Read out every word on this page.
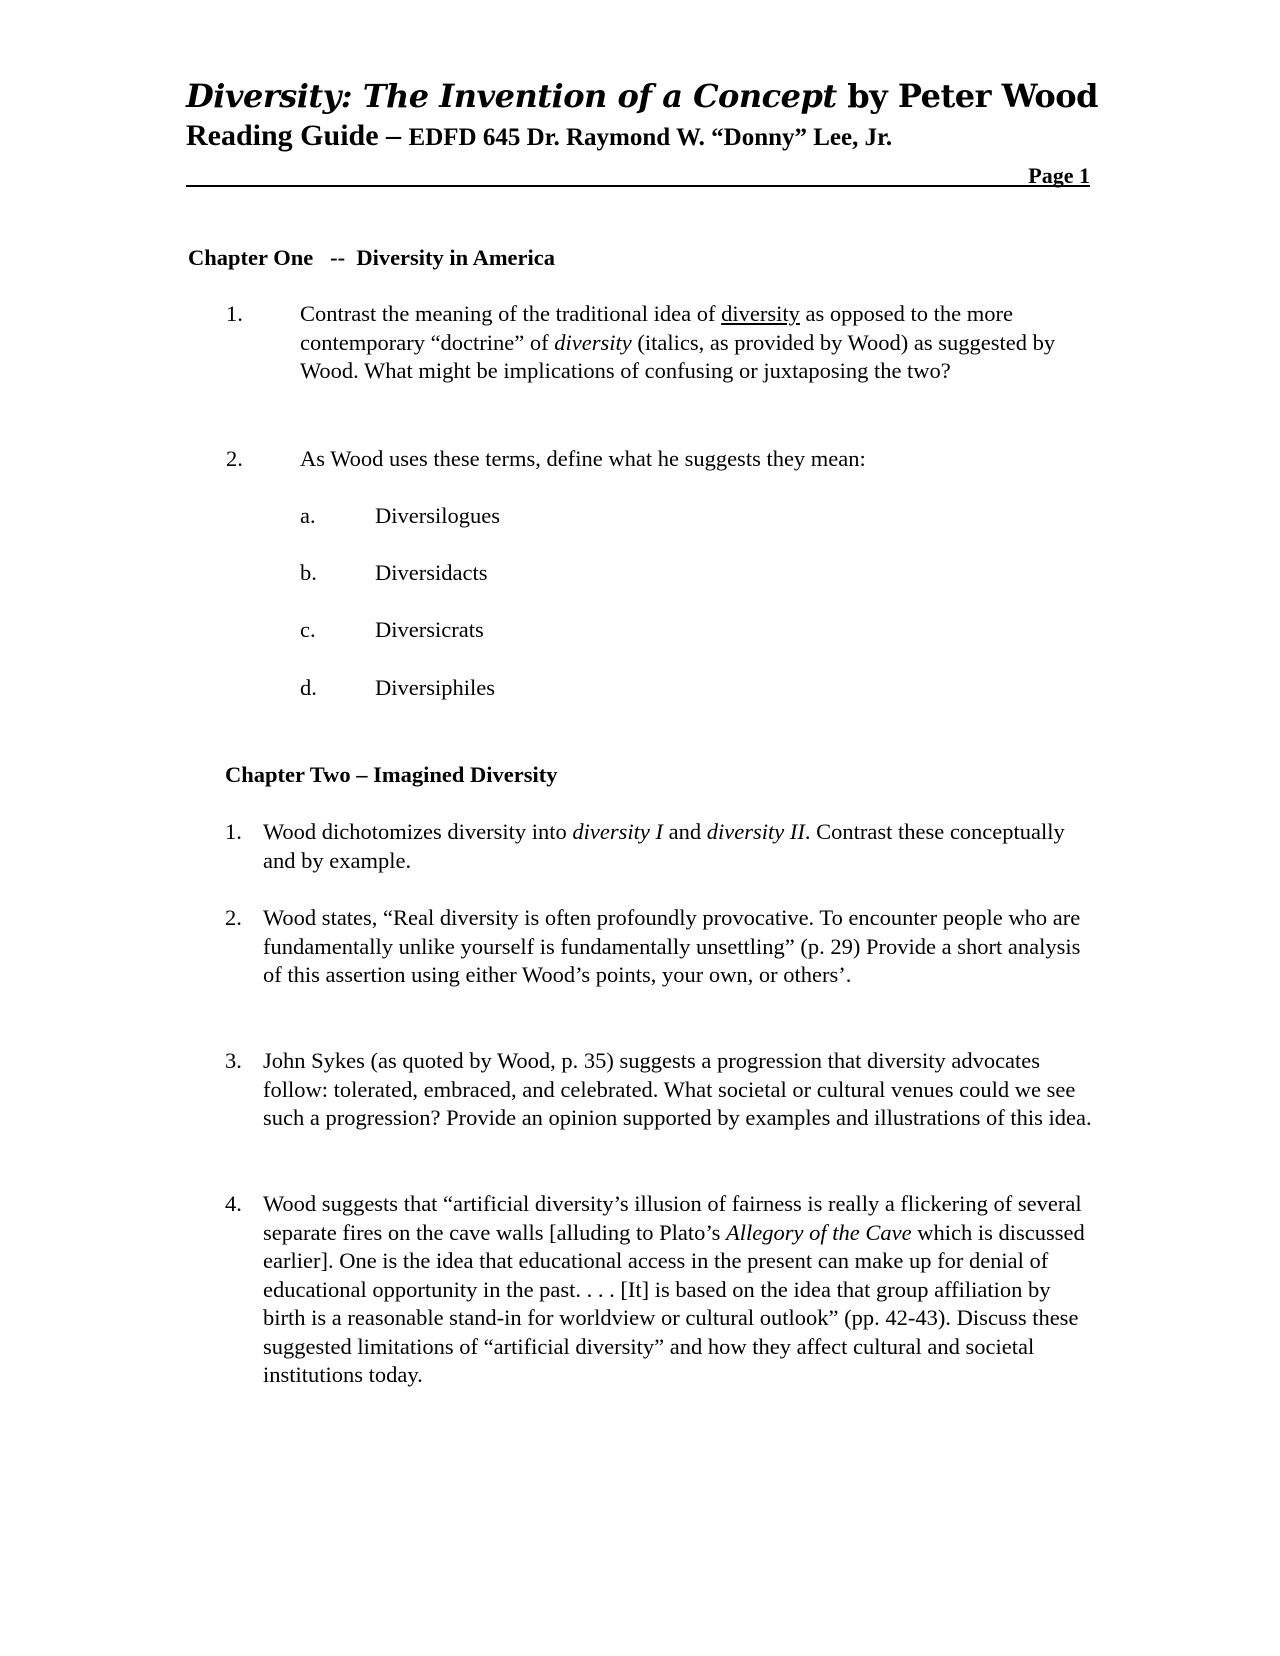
Diversity: The Invention of a Concept by Peter Wood
Reading Guide – EDFD 645 Dr. Raymond W. “Donny” Lee, Jr.
Page 1
Chapter One   --  Diversity in America
1.	Contrast the meaning of the traditional idea of diversity as opposed to the more contemporary “doctrine” of diversity (italics, as provided by Wood) as suggested by Wood. What might be implications of confusing or juxtaposing the two?
2.	As Wood uses these terms, define what he suggests they mean:
a.	Diversilogues
b.	Diversidacts
c.	Diversicrats
d.	Diversiphiles
Chapter Two – Imagined Diversity
1. Wood dichotomizes diversity into diversity I and diversity II. Contrast these conceptually and by example.
2. Wood states, “Real diversity is often profoundly provocative. To encounter people who are fundamentally unlike yourself is fundamentally unsettling” (p. 29) Provide a short analysis of this assertion using either Wood’s points, your own, or others’.
3. John Sykes (as quoted by Wood, p. 35) suggests a progression that diversity advocates follow: tolerated, embraced, and celebrated. What societal or cultural venues could we see such a progression? Provide an opinion supported by examples and illustrations of this idea.
4. Wood suggests that “artificial diversity’s illusion of fairness is really a flickering of several separate fires on the cave walls [alluding to Plato’s Allegory of the Cave which is discussed earlier]. One is the idea that educational access in the present can make up for denial of educational opportunity in the past. . . . [It] is based on the idea that group affiliation by birth is a reasonable stand-in for worldview or cultural outlook” (pp. 42-43). Discuss these suggested limitations of “artificial diversity” and how they affect cultural and societal institutions today.
